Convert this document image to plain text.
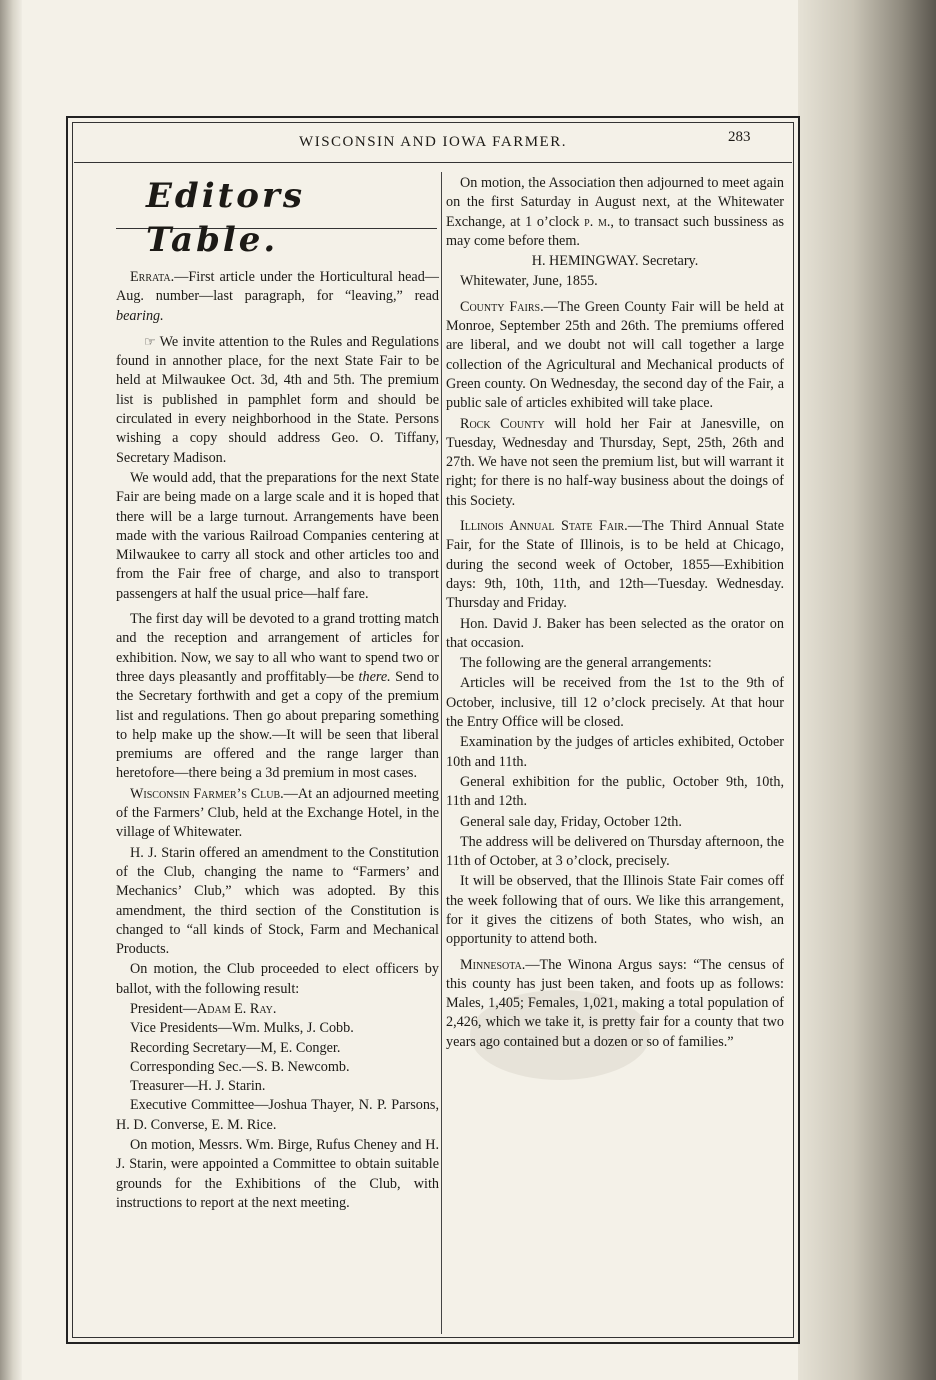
WISCONSIN AND IOWA FARMER.	283
Editors Table.

Errata.—First article under the Horticultural head—Aug. number—last paragraph, for “leaving,” read bearing.

☞ We invite attention to the Rules and Regulations found in annother place, for the next State Fair to be held at Milwaukee Oct. 3d, 4th and 5th. The premium list is published in pamphlet form and should be circulated in every neighborhood in the State. Persons wishing a copy should address Geo. O. Tiffany, Secretary Madison.

We would add, that the preparations for the next State Fair are being made on a large scale and it is hoped that there will be a large turnout. Arrangements have been made with the various Railroad Companies centering at Milwaukee to carry all stock and other articles too and from the Fair free of charge, and also to transport passengers at half the usual price—half fare.

The first day will be devoted to a grand trotting match and the reception and arrangement of articles for exhibition. Now, we say to all who want to spend two or three days pleasantly and proffitably—be there. Send to the Secretary forthwith and get a copy of the premium list and regulations. Then go about preparing something to help make up the show.—It will be seen that liberal premiums are offered and the range larger than heretofore—there being a 3d premium in most cases.

Wisconsin Farmer’s Club.—At an adjourned meeting of the Farmers’ Club, held at the Exchange Hotel, in the village of Whitewater.

H. J. Starin offered an amendment to the Constitution of the Club, changing the name to “Farmers’ and Mechanics’ Club,” which was adopted. By this amendment, the third section of the Constitution is changed to “all kinds of Stock, Farm and Mechanical Products.

On motion, the Club proceeded to elect officers by ballot, with the following result:

President—Adam E. Ray.

Vice Presidents—Wm. Mulks, J. Cobb.

Recording Secretary—M, E. Conger.

Corresponding Sec.—S. B. Newcomb.

Treasurer—H. J. Starin.

Executive Committee—Joshua Thayer, N. P. Parsons, H. D. Converse, E. M. Rice.

On motion, Messrs. Wm. Birge, Rufus Cheney and H. J. Starin, were appointed a Committee to obtain suitable grounds for the Exhibitions of the Club, with instructions to report at the next meeting.

On motion, the Association then adjourned to meet again on the first Saturday in August next, at the Whitewater Exchange, at 1 o’clock p. m., to transact such bussiness as may come before them.

H. HEMINGWAY. Secretary.

Whitewater, June, 1855.

County Fairs.—The Green County Fair will be held at Monroe, September 25th and 26th. The premiums offered are liberal, and we doubt not will call together a large collection of the Agricultural and Mechanical products of Green county. On Wednesday, the second day of the Fair, a public sale of articles exhibited will take place.

Rock County will hold her Fair at Janesville, on Tuesday, Wednesday and Thursday, Sept, 25th, 26th and 27th. We have not seen the premium list, but will warrant it right; for there is no half-way business about the doings of this Society.

Illinois Annual State Fair.—The Third Annual State Fair, for the State of Illinois, is to be held at Chicago, during the second week of October, 1855—Exhibition days: 9th, 10th, 11th, and 12th—Tuesday. Wednesday. Thursday and Friday.

Hon. David J. Baker has been selected as the orator on that occasion.

The following are the general arrangements:

Articles will be received from the 1st to the 9th of October, inclusive, till 12 o’clock precisely. At that hour the Entry Office will be closed.

Examination by the judges of articles exhibited, October 10th and 11th.

General exhibition for the public, October 9th, 10th, 11th and 12th.

General sale day, Friday, October 12th.

The address will be delivered on Thursday afternoon, the 11th of October, at 3 o’clock, precisely.

It will be observed, that the Illinois State Fair comes off the week following that of ours. We like this arrangement, for it gives the citizens of both States, who wish, an opportunity to attend both.

Minnesota.—The Winona Argus says: “The census of this county has just been taken, and foots up as follows: Males, 1,405; Females, 1,021, making a total population of 2,426, which we take it, is pretty fair for a county that two years ago contained but a dozen or so of families.”
